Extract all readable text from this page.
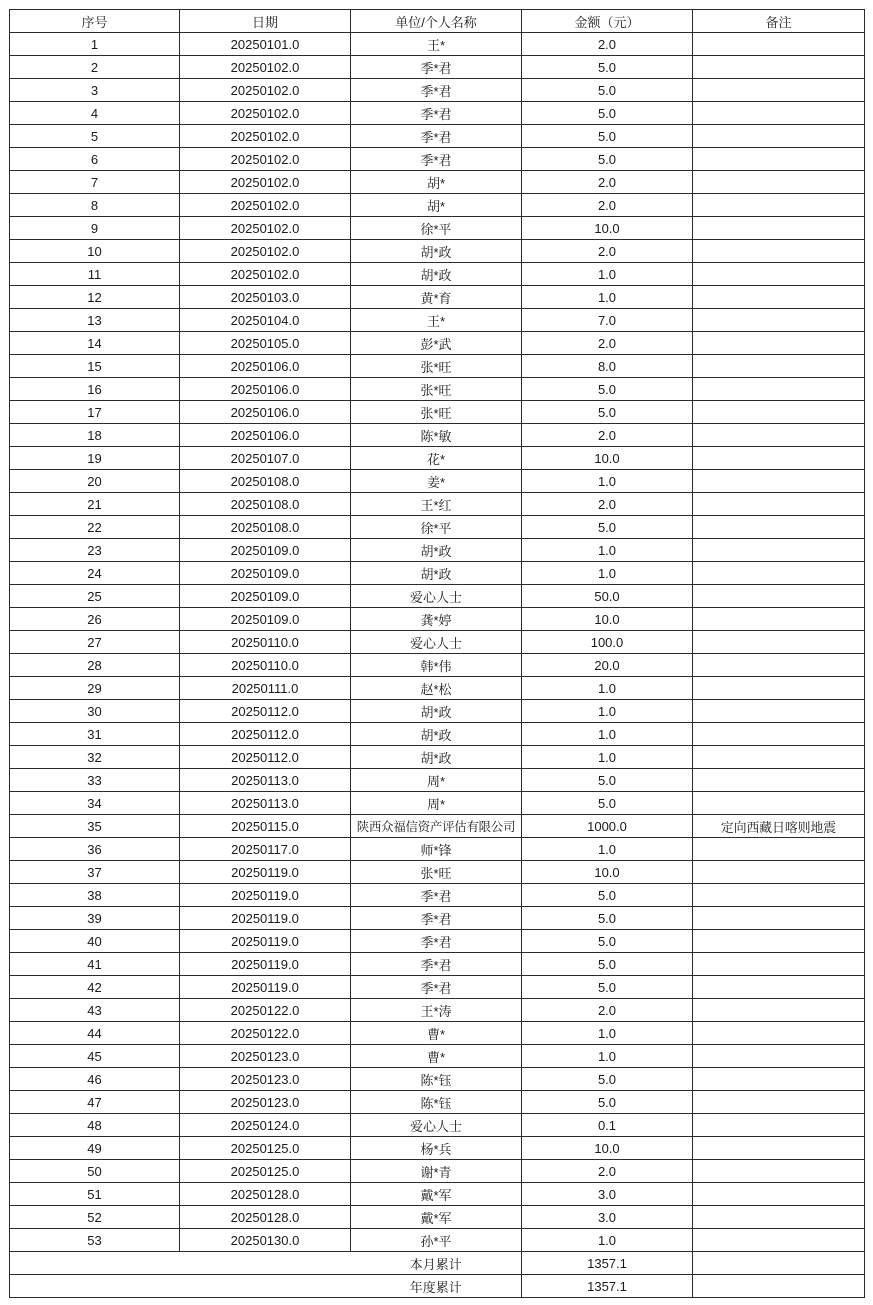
序号	日期	单位/个人名称	金额（元）	备注
1	20250101.0	王*	2.0	
2	20250102.0	季*君	5.0	
3	20250102.0	季*君	5.0	
4	20250102.0	季*君	5.0	
5	20250102.0	季*君	5.0	
6	20250102.0	季*君	5.0	
7	20250102.0	胡*	2.0	
8	20250102.0	胡*	2.0	
9	20250102.0	徐*平	10.0	
10	20250102.0	胡*政	2.0	
11	20250102.0	胡*政	1.0	
12	20250103.0	黄*育	1.0	
13	20250104.0	王*	7.0	
14	20250105.0	彭*武	2.0	
15	20250106.0	张*旺	8.0	
16	20250106.0	张*旺	5.0	
17	20250106.0	张*旺	5.0	
18	20250106.0	陈*敏	2.0	
19	20250107.0	花*	10.0	
20	20250108.0	姜*	1.0	
21	20250108.0	王*红	2.0	
22	20250108.0	徐*平	5.0	
23	20250109.0	胡*政	1.0	
24	20250109.0	胡*政	1.0	
25	20250109.0	爱心人士	50.0	
26	20250109.0	龚*婷	10.0	
27	20250110.0	爱心人士	100.0	
28	20250110.0	韩*伟	20.0	
29	20250111.0	赵*松	1.0	
30	20250112.0	胡*政	1.0	
31	20250112.0	胡*政	1.0	
32	20250112.0	胡*政	1.0	
33	20250113.0	周*	5.0	
34	20250113.0	周*	5.0	
35	20250115.0	陕西众福信资产评估有限公司	1000.0	定向西藏日喀则地震
36	20250117.0	师*锋	1.0	
37	20250119.0	张*旺	10.0	
38	20250119.0	季*君	5.0	
39	20250119.0	季*君	5.0	
40	20250119.0	季*君	5.0	
41	20250119.0	季*君	5.0	
42	20250119.0	季*君	5.0	
43	20250122.0	王*涛	2.0	
44	20250122.0	曹*	1.0	
45	20250123.0	曹*	1.0	
46	20250123.0	陈*钰	5.0	
47	20250123.0	陈*钰	5.0	
48	20250124.0	爱心人士	0.1	
49	20250125.0	杨*兵	10.0	
50	20250125.0	谢*青	2.0	
51	20250128.0	戴*军	3.0	
52	20250128.0	戴*军	3.0	
53	20250130.0	孙*平	1.0	
		本月累计	1357.1	
		年度累计	1357.1	
